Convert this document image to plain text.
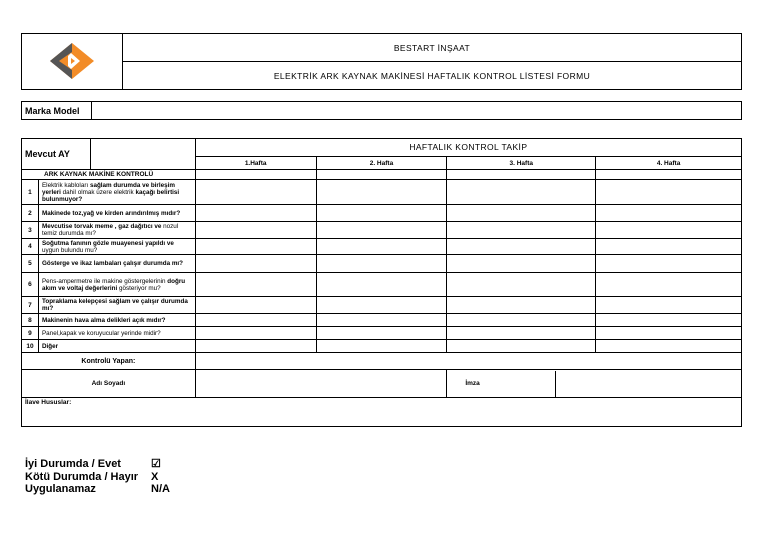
	BESTART İNŞAAT
ELEKTRİK ARK KAYNAK MAKİNESİ HAFTALIK KONTROL LİSTESİ FORMU
Marka Model	
Mevcut AY			HAFTALIK KONTROL TAKİP			
			1.Hafta	2. Hafta	3. Hafta	4. Hafta
ARK KAYNAK MAKİNE KONTROLÜ						
1	Elektrik kabloları sağlam durumda ve birleşim yerleri dahil olmak üzere elektrik kaçağı belirtisi bulunmuyor?					
2	Makinede toz,yağ ve kirden arındırılmış mıdır?					
3	Mevcutise torvak meme , gaz dağıtıcı ve nozul temiz durumda mı?					
4	Soğutma fanının gözle muayenesi yapıldı ve uygun bulundu mu?					
5	Gösterge ve ikaz lambaları çalışır durumda mı?					
6	Pens-ampermetre ile makine göstergelerinin doğru akım ve voltaj değerlerini gösteriyor mu?					
7	Topraklama kelepçesi sağlam ve çalışır durumda mı?					
8	Makinenin hava alma delikleri açık mıdır?					
9	Panel,kapak ve koruyucular yerinde midir?					
10	Diğer					
Kontrolü Yapan:						
Adı Soyadı					İmza	

İlave Hususlar:						
İyi Durumda / Evet	☑
Kötü Durumda / Hayır	X
Uygulanamaz	N/A
